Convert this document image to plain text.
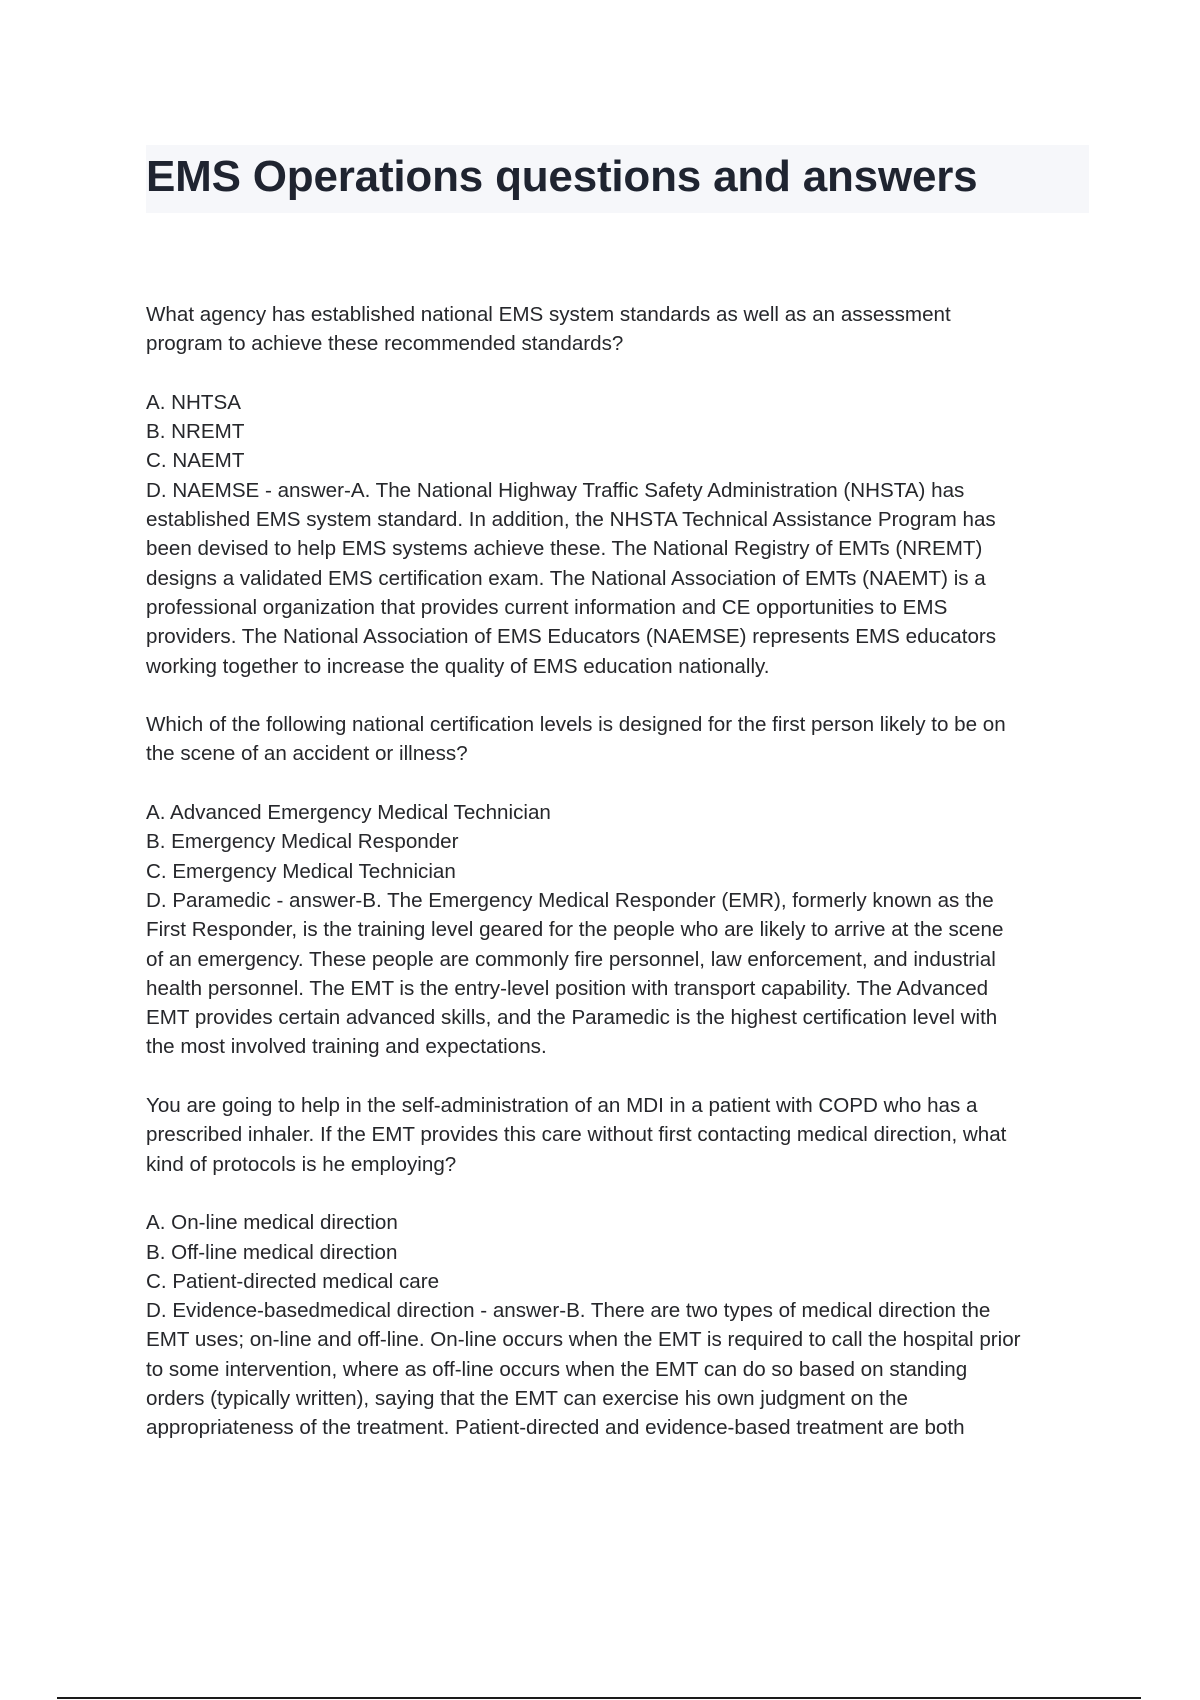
EMS Operations questions and answers
What agency has established national EMS system standards as well as an assessment
program to achieve these recommended standards?
A. NHTSA
B. NREMT
C. NAEMT
D. NAEMSE - answer-A. The National Highway Traffic Safety Administration (NHSTA) has
established EMS system standard. In addition, the NHSTA Technical Assistance Program has
been devised to help EMS systems achieve these. The National Registry of EMTs (NREMT)
designs a validated EMS certification exam. The National Association of EMTs (NAEMT) is a
professional organization that provides current information and CE opportunities to EMS
providers. The National Association of EMS Educators (NAEMSE) represents EMS educators
working together to increase the quality of EMS education nationally.
Which of the following national certification levels is designed for the first person likely to be on
the scene of an accident or illness?
A. Advanced Emergency Medical Technician
B. Emergency Medical Responder
C. Emergency Medical Technician
D. Paramedic - answer-B. The Emergency Medical Responder (EMR), formerly known as the
First Responder, is the training level geared for the people who are likely to arrive at the scene
of an emergency. These people are commonly fire personnel, law enforcement, and industrial
health personnel. The EMT is the entry-level position with transport capability. The Advanced
EMT provides certain advanced skills, and the Paramedic is the highest certification level with
the most involved training and expectations.
You are going to help in the self-administration of an MDI in a patient with COPD who has a
prescribed inhaler. If the EMT provides this care without first contacting medical direction, what
kind of protocols is he employing?
A. On-line medical direction
B. Off-line medical direction
C. Patient-directed medical care
D. Evidence-basedmedical direction - answer-B. There are two types of medical direction the
EMT uses; on-line and off-line. On-line occurs when the EMT is required to call the hospital prior
to some intervention, where as off-line occurs when the EMT can do so based on standing
orders (typically written), saying that the EMT can exercise his own judgment on the
appropriateness of the treatment. Patient-directed and evidence-based treatment are both
